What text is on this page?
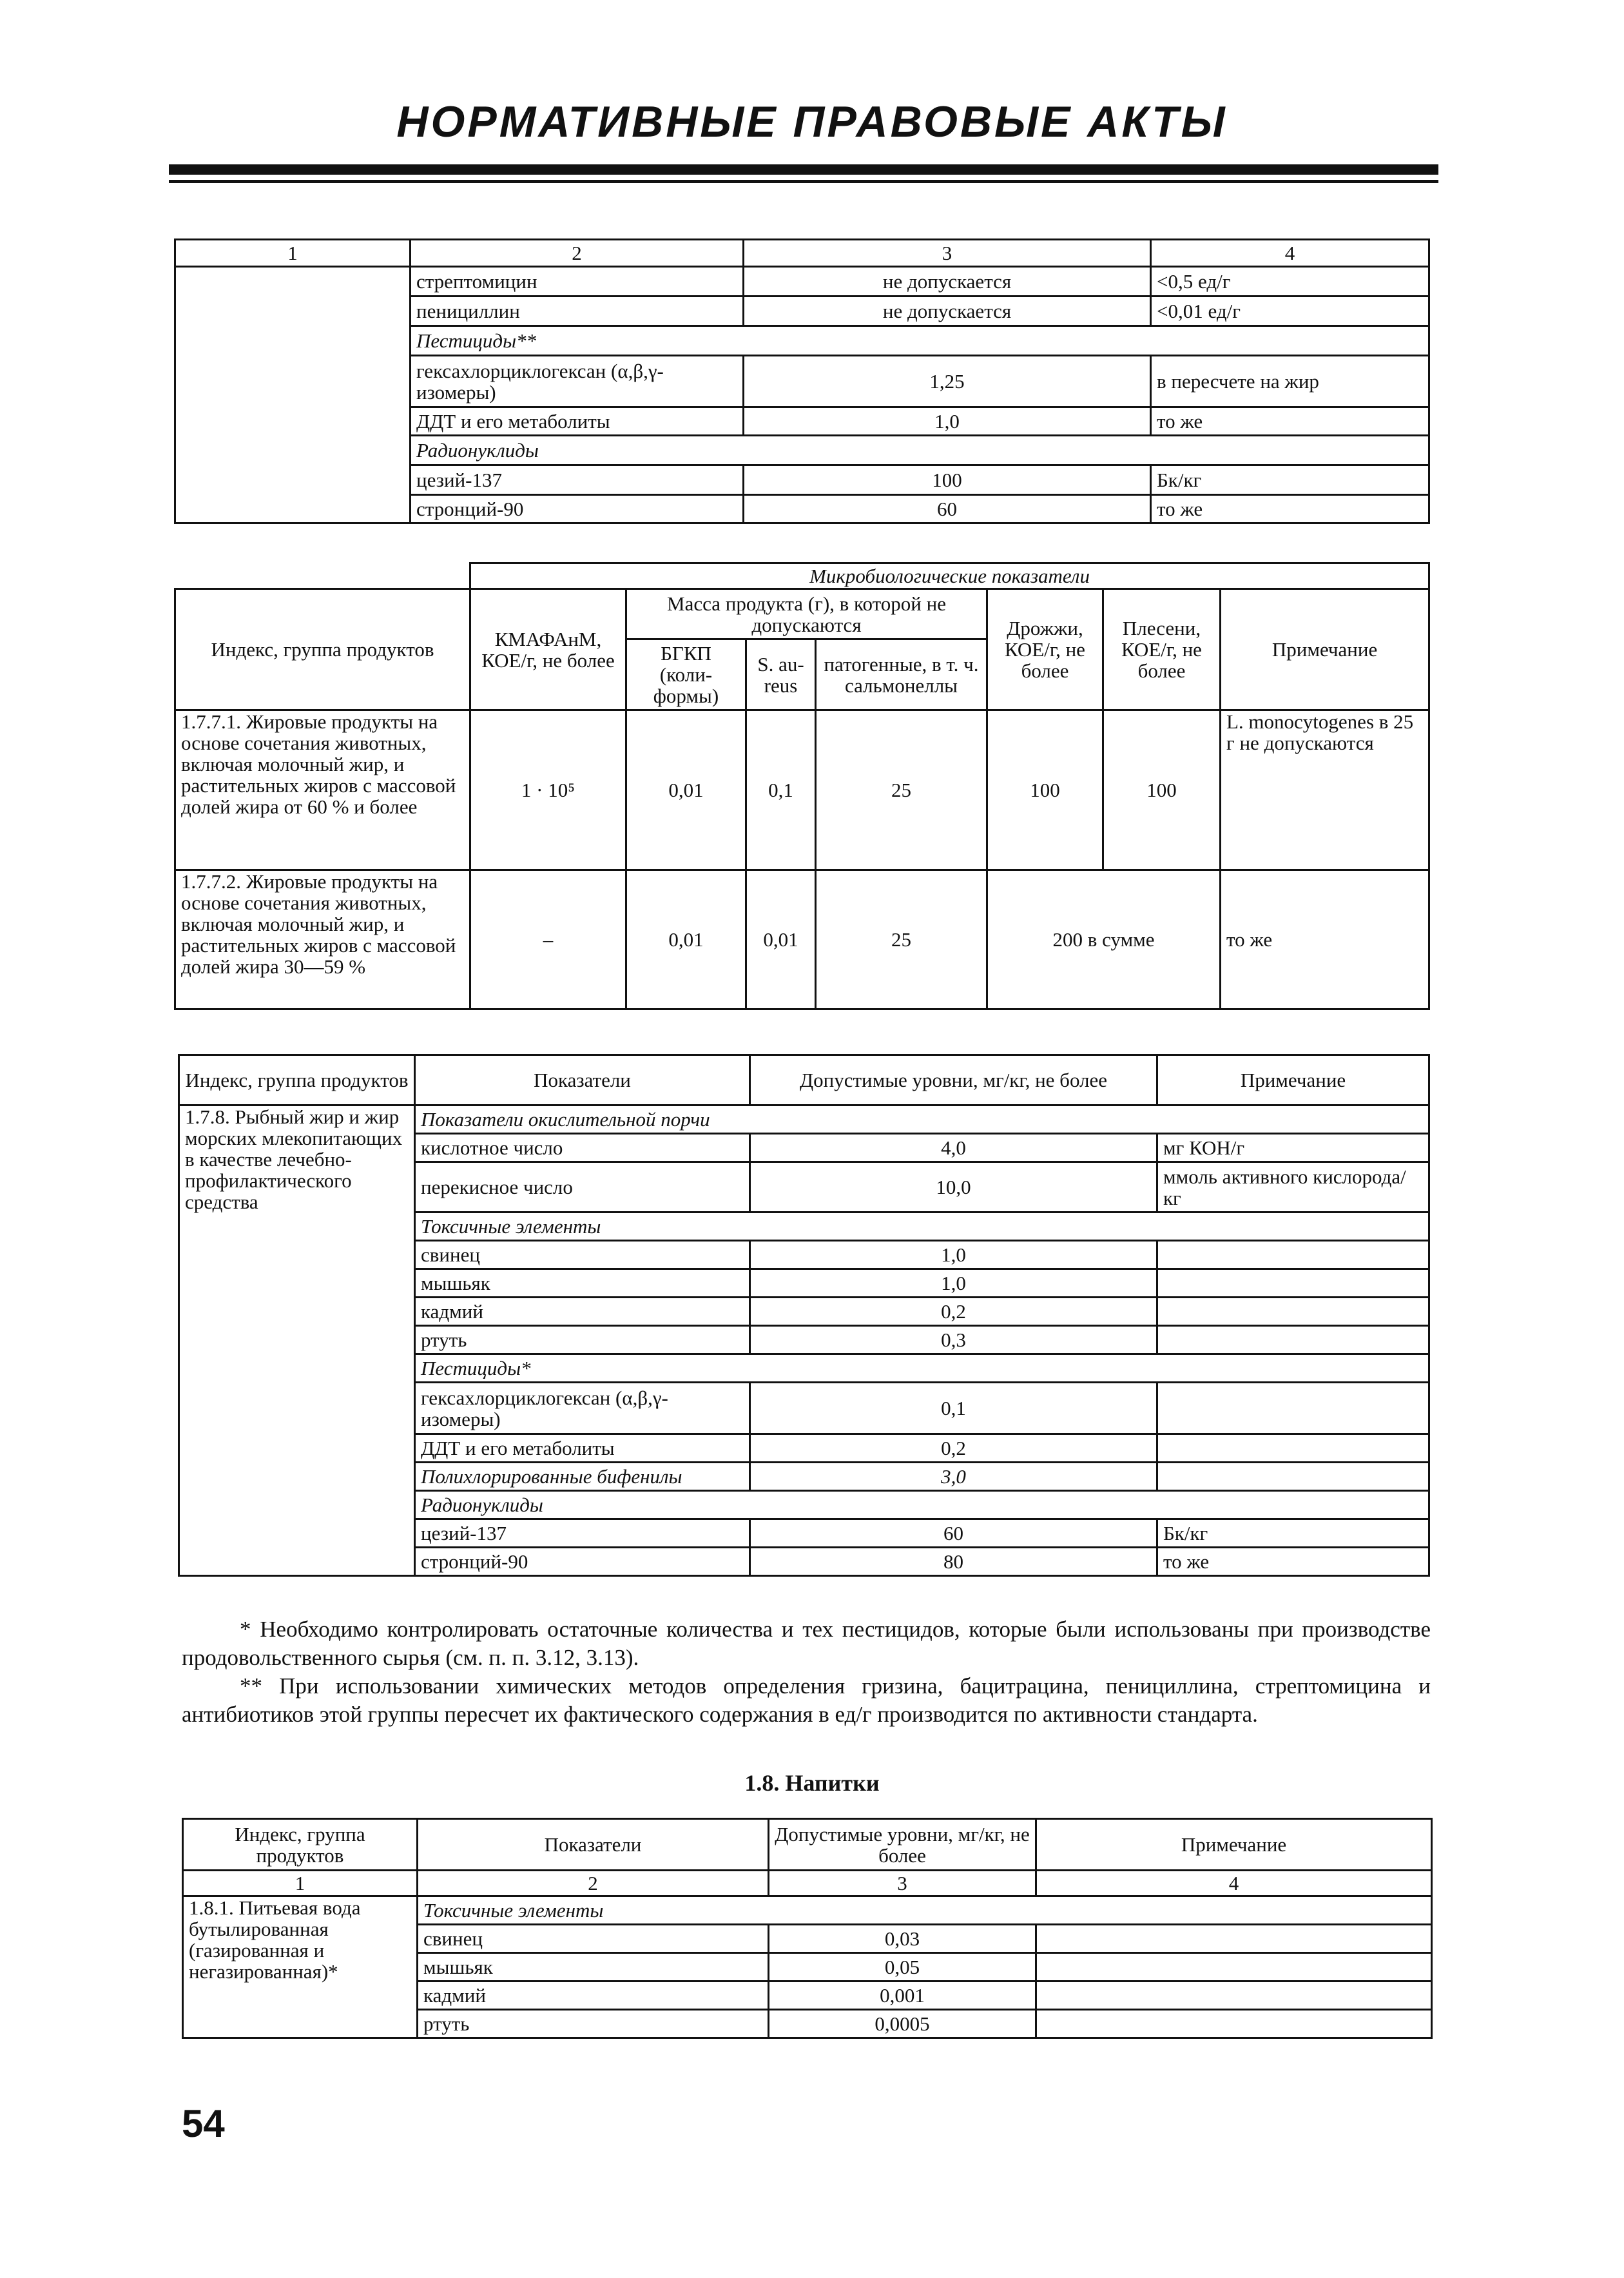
НОРМАТИВНЫЕ ПРАВОВЫЕ АКТЫ
1	2	3	4
	стрептомицин	не допускается	<0,5 ед/г
	пенициллин	не допускается	<0,01 ед/г
	Пестициды**		
	гексахлорциклогексан (α,β,γ-изомеры)	1,25	в пересчете на жир
	ДДТ и его метаболиты	1,0	то же
	Радионуклиды		
	цезий-137	100	Бк/кг
	стронций-90	60	то же
	Микробиологические показатели						
Индекс, группа продуктов	КМАФАнМ, КОЕ/г, не более	Масса продукта (г), в которой не допускаются			Дрожжи, КОЕ/г, не более	Плесени, КОЕ/г, не более	Примечание
		БГКП (коли-формы)	S. au-reus	патогенные, в т. ч. сальмонеллы			
1.7.7.1. Жировые продукты на основе сочетания животных, включая молочный жир, и растительных жиров с массовой долей жира от 60 % и более	1 · 10⁵	0,01	0,1	25	100	100	L. monocytogenes в 25 г не допускаются
1.7.7.2. Жировые продукты на основе сочетания животных, включая молочный жир, и растительных жиров с массовой долей жира 30—59 %	–	0,01	0,01	25	200 в сумме		то же
Индекс, группа продуктов	Показатели	Допустимые уровни, мг/кг, не более	Примечание
1.7.8. Рыбный жир и жир морских млекопитающих в качестве лечебно-профилактического средства	Показатели окислительной порчи		
	кислотное число	4,0	мг КОН/г
	перекисное число	10,0	ммоль активного кислорода/кг
	Токсичные элементы		
	свинец	1,0	
	мышьяк	1,0	
	кадмий	0,2	
	ртуть	0,3	
	Пестициды*		
	гексахлорциклогексан (α,β,γ-изомеры)	0,1	
	ДДТ и его метаболиты	0,2	
	Полихлорированные бифенилы	3,0	
	Радионуклиды		
	цезий-137	60	Бк/кг
	стронций-90	80	то же

* Необходимо контролировать остаточные количества и тех пестицидов, которые были использованы при производстве продовольственного сырья (см. п. п. 3.12, 3.13).

** При использовании химических методов определения гризина, бацитрацина, пенициллина, стрептомицина и антибиотиков этой группы пересчет их фактического содержания в ед/г производится по активности стандарта.

1.8. Напитки
Индекс, группа продуктов	Показатели	Допустимые уровни, мг/кг, не более	Примечание
1	2	3	4
1.8.1. Питьевая вода бутылированная (газированная и негазированная)*	Токсичные элементы		
	свинец	0,03	
	мышьяк	0,05	
	кадмий	0,001	
	ртуть	0,0005	
54
